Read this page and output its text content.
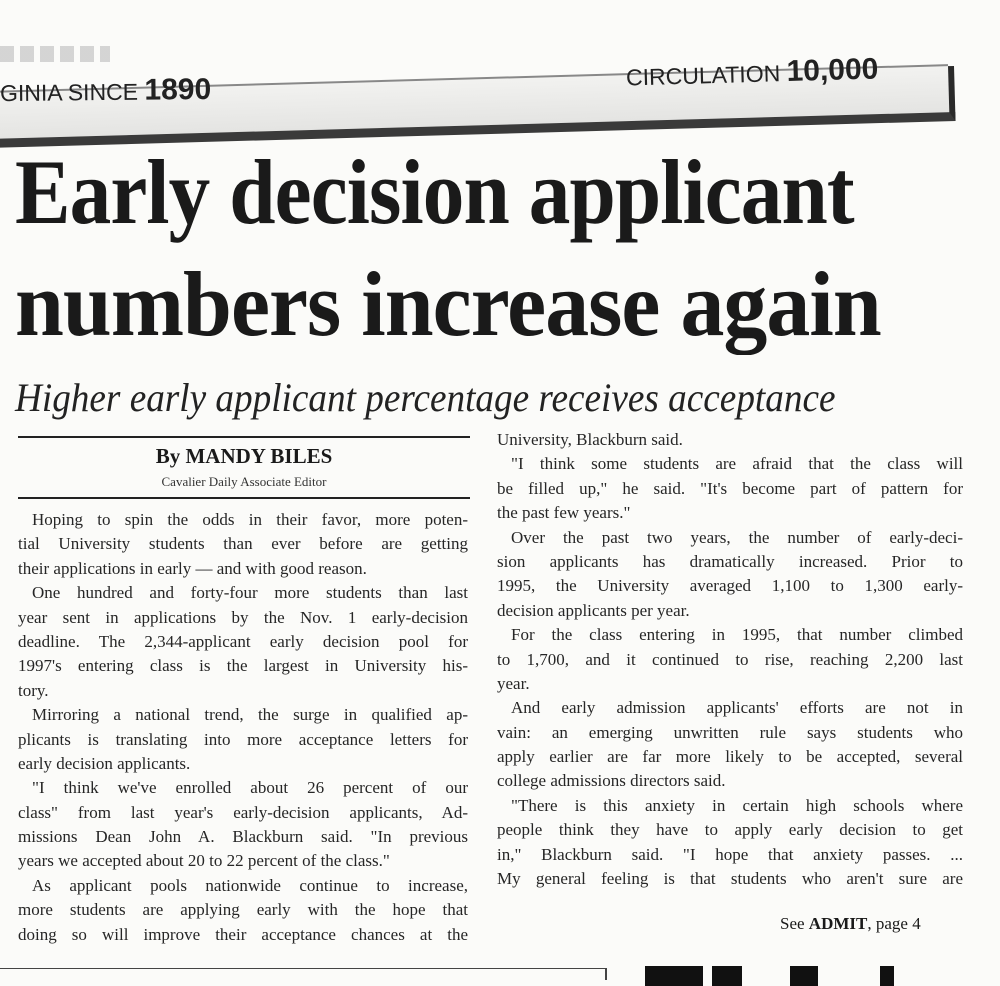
GINIA SINCE 1890	CIRCULATION 10,000
Early decision applicant
numbers increase again
Higher early applicant percentage receives acceptance
By MANDY BILES
Cavalier Daily Associate Editor
Hoping to spin the odds in their favor, more poten-
tial University students than ever before are getting
their applications in early — and with good reason.
One hundred and forty-four more students than last
year sent in applications by the Nov. 1 early-decision
deadline. The 2,344-applicant early decision pool for
1997's entering class is the largest in University his-
tory.
Mirroring a national trend, the surge in qualified ap-
plicants is translating into more acceptance letters for
early decision applicants.
"I think we've enrolled about 26 percent of our
class" from last year's early-decision applicants, Ad-
missions Dean John A. Blackburn said. "In previous
years we accepted about 20 to 22 percent of the class."
As applicant pools nationwide continue to increase,
more students are applying early with the hope that
doing so will improve their acceptance chances at the
University, Blackburn said.
"I think some students are afraid that the class will
be filled up," he said. "It's become part of pattern for
the past few years."
Over the past two years, the number of early-deci-
sion applicants has dramatically increased. Prior to
1995, the University averaged 1,100 to 1,300 early-
decision applicants per year.
For the class entering in 1995, that number climbed
to 1,700, and it continued to rise, reaching 2,200 last
year.
And early admission applicants' efforts are not in
vain: an emerging unwritten rule says students who
apply earlier are far more likely to be accepted, several
college admissions directors said.
"There is this anxiety in certain high schools where
people think they have to apply early decision to get
in," Blackburn said. "I hope that anxiety passes. ...
My general feeling is that students who aren't sure are
See ADMIT, page 4
